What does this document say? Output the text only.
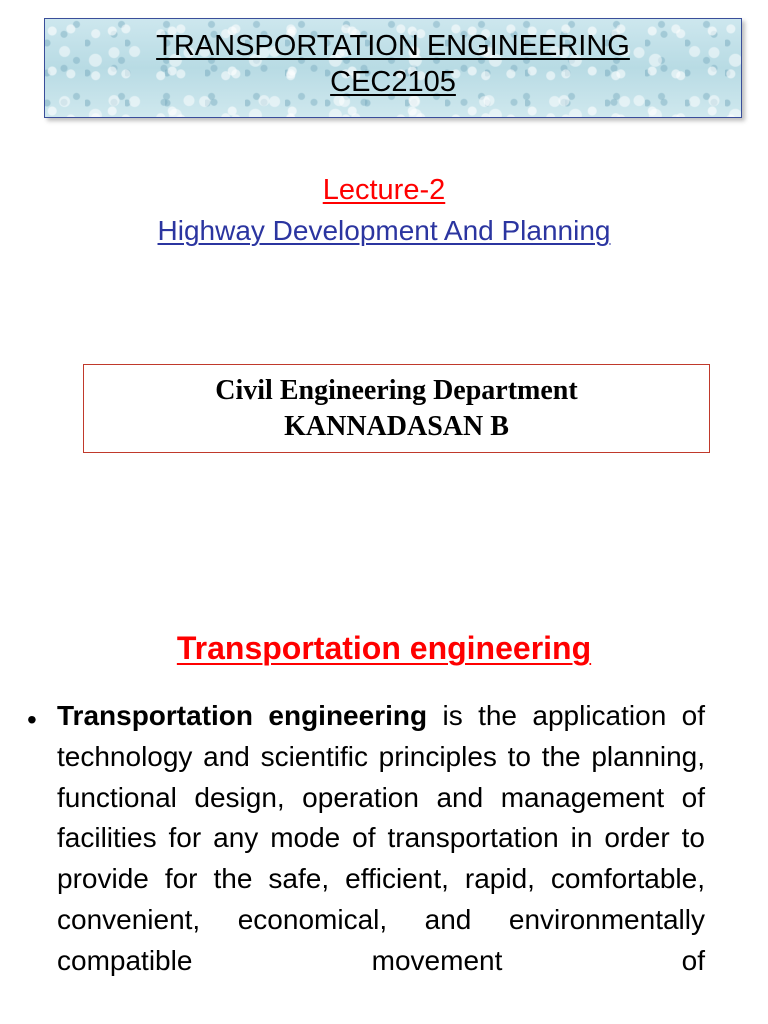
TRANSPORTATION ENGINEERING
CEC2105
Lecture-2
Highway Development And Planning
Civil Engineering Department
KANNADASAN B
Transportation engineering
• Transportation engineering is the application of technology and scientific principles to the planning, functional design, operation and management of facilities for any mode of transportation in order to provide for the safe, efficient, rapid, comfortable, convenient, economical, and environmentally compatible movement of
